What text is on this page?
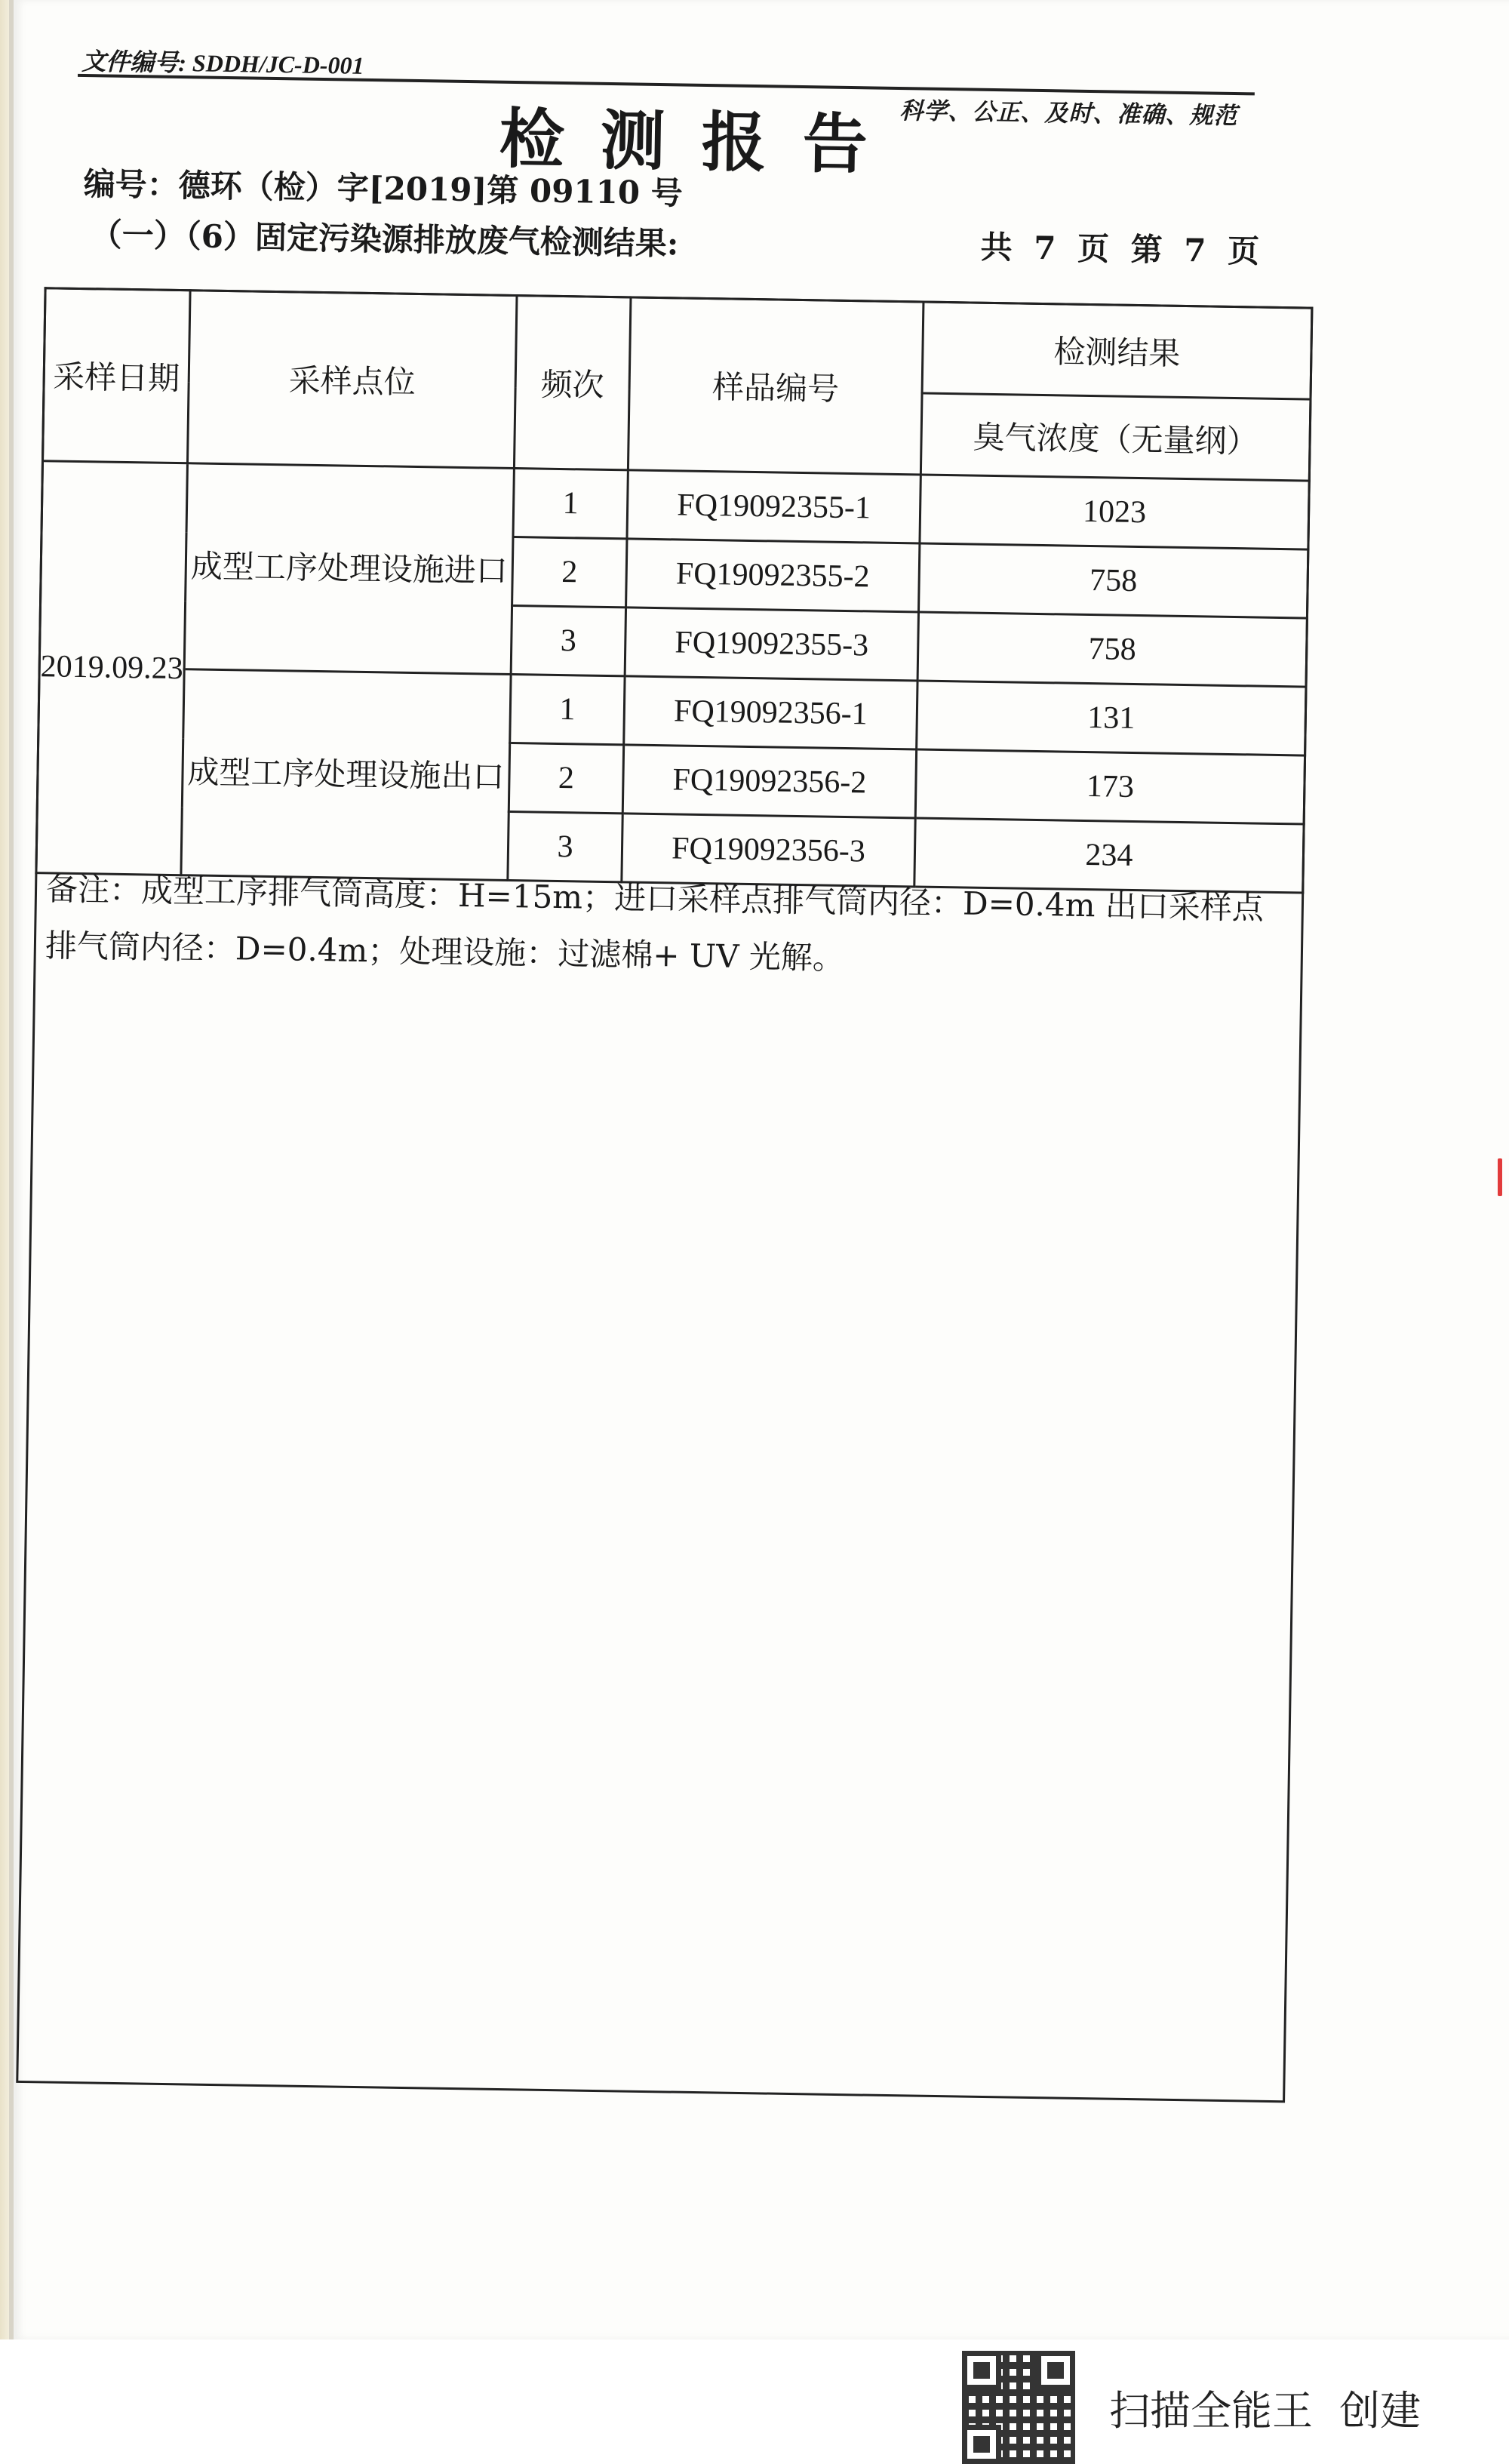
文件编号: SDDH/JC-D-001
科学、公正、及时、准确、规范
检测报告
编号：德环（检）字[2019]第 09110 号
（一）（6）固定污染源排放废气检测结果:	共 7 页 第 7 页
采样日期	采样点位	频次	样品编号	检测结果
				臭气浓度（无量纲）
2019.09.23	成型工序处理设施进口	1	FQ19092355-1	1023
		2	FQ19092355-2	758
		3	FQ19092355-3	758
	成型工序处理设施出口	1	FQ19092356-1	131
		2	FQ19092356-2	173
		3	FQ19092356-3	234
备注：成型工序排气筒高度：H=15m；进口采样点排气筒内径：D=0.4m 出口采样点排气筒内径：D=0.4m；处理设施：过滤棉+ UV 光解。
扫描全能王 创建
